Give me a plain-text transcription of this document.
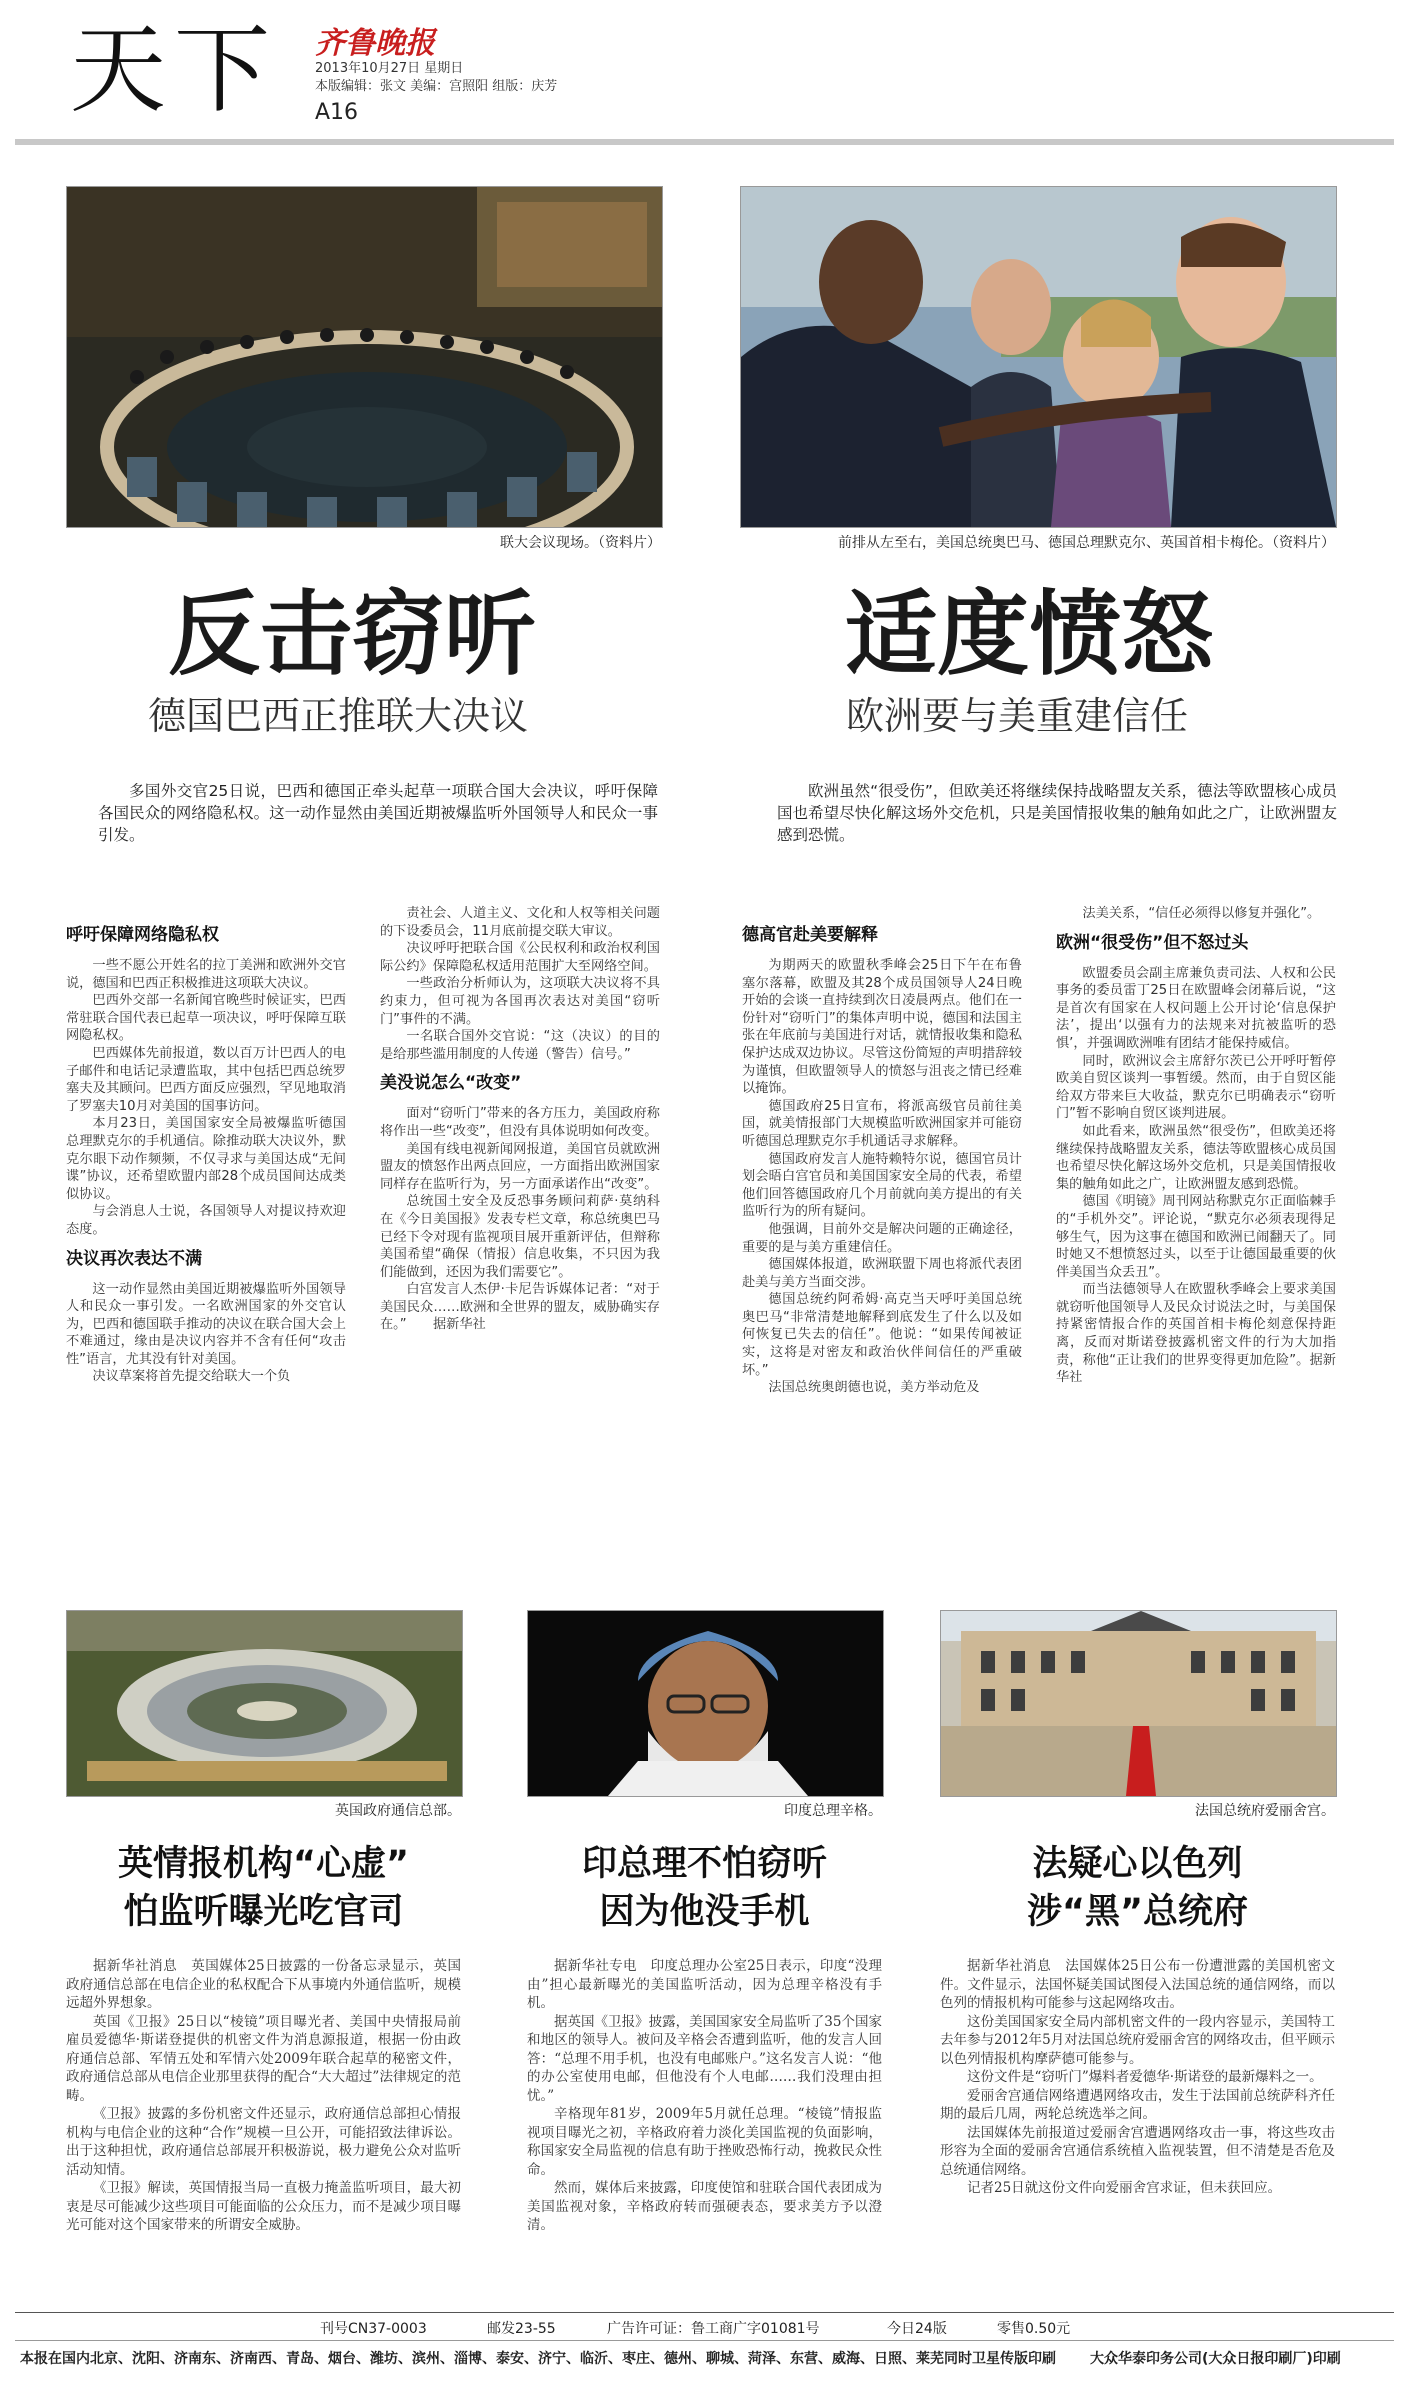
天下 齐鲁晚报
2013年10月27日 星期日
本版编辑：张文 美编：宫照阳 组版：庆芳
A16
联大会议现场。（资料片）	前排从左至右，美国总统奥巴马、德国总理默克尔、英国首相卡梅伦。（资料片）
反击窃听
德国巴西正推联大决议
适度愤怒
欧洲要与美重建信任
多国外交官25日说，巴西和德国正牵头起草一项联合国大会决议，呼吁保障各国民众的网络隐私权。这一动作显然由美国近期被爆监听外国领导人和民众一事引发。
欧洲虽然“很受伤”，但欧美还将继续保持战略盟友关系，德法等欧盟核心成员国也希望尽快化解这场外交危机，只是美国情报收集的触角如此之广，让欧洲盟友感到恐慌。
呼吁保障网络隐私权

一些不愿公开姓名的拉丁美洲和欧洲外交官说，德国和巴西正积极推进这项联大决议。

巴西外交部一名新闻官晚些时候证实，巴西常驻联合国代表已起草一项决议，呼吁保障互联网隐私权。

巴西媒体先前报道，数以百万计巴西人的电子邮件和电话记录遭监取，其中包括巴西总统罗塞夫及其顾问。巴西方面反应强烈，罕见地取消了罗塞夫10月对美国的国事访问。

本月23日，美国国家安全局被爆监听德国总理默克尔的手机通信。除推动联大决议外，默克尔眼下动作频频，不仅寻求与美国达成“无间谍”协议，还希望欧盟内部28个成员国间达成类似协议。

与会消息人士说，各国领导人对提议持欢迎态度。

决议再次表达不满

这一动作显然由美国近期被爆监听外国领导人和民众一事引发。一名欧洲国家的外交官认为，巴西和德国联手推动的决议在联合国大会上不难通过，缘由是决议内容并不含有任何“攻击性”语言，尤其没有针对美国。

决议草案将首先提交给联大一个负

责社会、人道主义、文化和人权等相关问题的下设委员会，11月底前提交联大审议。

决议呼吁把联合国《公民权利和政治权利国际公约》保障隐私权适用范围扩大至网络空间。

一些政治分析师认为，这项联大决议将不具约束力，但可视为各国再次表达对美国“窃听门”事件的不满。

一名联合国外交官说：“这（决议）的目的是给那些滥用制度的人传递（警告）信号。”

美没说怎么“改变”

面对“窃听门”带来的各方压力，美国政府称将作出一些“改变”，但没有具体说明如何改变。

美国有线电视新闻网报道，美国官员就欧洲盟友的愤怒作出两点回应，一方面指出欧洲国家同样存在监听行为，另一方面承诺作出“改变”。

总统国土安全及反恐事务顾问莉萨·莫纳科在《今日美国报》发表专栏文章，称总统奥巴马已经下令对现有监视项目展开重新评估，但辩称美国希望“确保（情报）信息收集，不只因为我们能做到，还因为我们需要它”。

白宫发言人杰伊·卡尼告诉媒体记者：“对于美国民众……欧洲和全世界的盟友，威胁确实存在。”　　据新华社

德高官赴美要解释

为期两天的欧盟秋季峰会25日下午在布鲁塞尔落幕，欧盟及其28个成员国领导人24日晚开始的会谈一直持续到次日凌晨两点。他们在一份针对“窃听门”的集体声明中说，德国和法国主张在年底前与美国进行对话，就情报收集和隐私保护达成双边协议。尽管这份简短的声明措辞较为谨慎，但欧盟领导人的愤怒与沮丧之情已经难以掩饰。

德国政府25日宣布，将派高级官员前往美国，就美情报部门大规模监听欧洲国家并可能窃听德国总理默克尔手机通话寻求解释。

德国政府发言人施特赖特尔说，德国官员计划会晤白宫官员和美国国家安全局的代表，希望他们回答德国政府几个月前就向美方提出的有关监听行为的所有疑问。

他强调，目前外交是解决问题的正确途径，重要的是与美方重建信任。

德国媒体报道，欧洲联盟下周也将派代表团赴美与美方当面交涉。

德国总统约阿希姆·高克当天呼吁美国总统奥巴马“非常清楚地解释到底发生了什么以及如何恢复已失去的信任”。他说：“如果传闻被证实，这将是对密友和政治伙伴间信任的严重破坏。”

法国总统奥朗德也说，美方举动危及

法美关系，“信任必须得以修复并强化”。

欧洲“很受伤”但不怒过头

欧盟委员会副主席兼负责司法、人权和公民事务的委员雷丁25日在欧盟峰会闭幕后说，“这是首次有国家在人权问题上公开讨论‘信息保护法’，提出‘以强有力的法规来对抗被监听的恐惧’，并强调欧洲唯有团结才能保持威信。

同时，欧洲议会主席舒尔茨已公开呼吁暂停欧美自贸区谈判一事暂缓。然而，由于自贸区能给双方带来巨大收益，默克尔已明确表示“窃听门”暂不影响自贸区谈判进展。

如此看来，欧洲虽然“很受伤”，但欧美还将继续保持战略盟友关系，德法等欧盟核心成员国也希望尽快化解这场外交危机，只是美国情报收集的触角如此之广，让欧洲盟友感到恐慌。

德国《明镜》周刊网站称默克尔正面临棘手的“手机外交”。评论说，“默克尔必须表现得足够生气，因为这事在德国和欧洲已闹翻天了。同时她又不想愤怒过头，以至于让德国最重要的伙伴美国当众丢丑”。

而当法德领导人在欧盟秋季峰会上要求美国就窃听他国领导人及民众讨说法之时，与美国保持紧密情报合作的英国首相卡梅伦刻意保持距离，反而对斯诺登披露机密文件的行为大加指责，称他“正让我们的世界变得更加危险”。据新华社

英国政府通信总部。	印度总理辛格。	法国总统府爱丽舍宫。
英情报机构“心虚”
怕监听曝光吃官司

据新华社消息　英国媒体25日披露的一份备忘录显示，英国政府通信总部在电信企业的私权配合下从事境内外通信监听，规模远超外界想象。

英国《卫报》25日以“棱镜”项目曝光者、美国中央情报局前雇员爱德华·斯诺登提供的机密文件为消息源报道，根据一份由政府通信总部、军情五处和军情六处2009年联合起草的秘密文件，政府通信总部从电信企业那里获得的配合“大大超过”法律规定的范畴。

《卫报》披露的多份机密文件还显示，政府通信总部担心情报机构与电信企业的这种“合作”规模一旦公开，可能招致法律诉讼。出于这种担忧，政府通信总部展开积极游说，极力避免公众对监听活动知情。

《卫报》解读，英国情报当局一直极力掩盖监听项目，最大初衷是尽可能减少这些项目可能面临的公众压力，而不是减少项目曝光可能对这个国家带来的所谓安全威胁。

印总理不怕窃听
因为他没手机

据新华社专电　印度总理办公室25日表示，印度“没理由”担心最新曝光的美国监听活动，因为总理辛格没有手机。

据英国《卫报》披露，美国国家安全局监听了35个国家和地区的领导人。被问及辛格会否遭到监听，他的发言人回答：“总理不用手机，也没有电邮账户。”这名发言人说：“他的办公室使用电邮，但他没有个人电邮……我们没理由担忧。”

辛格现年81岁，2009年5月就任总理。“棱镜”情报监视项目曝光之初，辛格政府着力淡化美国监视的负面影响，称国家安全局监视的信息有助于挫败恐怖行动，挽救民众性命。

然而，媒体后来披露，印度使馆和驻联合国代表团成为美国监视对象，辛格政府转而强硬表态，要求美方予以澄清。

法疑心以色列
涉“黑”总统府

据新华社消息　法国媒体25日公布一份遭泄露的美国机密文件。文件显示，法国怀疑美国试图侵入法国总统的通信网络，而以色列的情报机构可能参与这起网络攻击。

这份美国国家安全局内部机密文件的一段内容显示，美国特工去年参与2012年5月对法国总统府爱丽舍宫的网络攻击，但平顾示以色列情报机构摩萨德可能参与。

这份文件是“窃听门”爆料者爱德华·斯诺登的最新爆料之一。

爱丽舍宫通信网络遭遇网络攻击，发生于法国前总统萨科齐任期的最后几周，两轮总统选举之间。

法国媒体先前报道过爱丽舍宫遭遇网络攻击一事，将这些攻击形容为全面的爱丽舍宫通信系统植入监视装置，但不清楚是否危及总统通信网络。

记者25日就这份文件向爱丽舍宫求证，但未获回应。

刊号CN37-0003	邮发23-55	广告许可证：鲁工商广字01081号	今日24版	零售0.50元
本报在国内北京、沈阳、济南东、济南西、青岛、烟台、潍坊、滨州、淄博、泰安、济宁、临沂、枣庄、德州、聊城、菏泽、东营、威海、日照、莱芜同时卫星传版印刷 大众华泰印务公司(大众日报印刷厂)印刷
